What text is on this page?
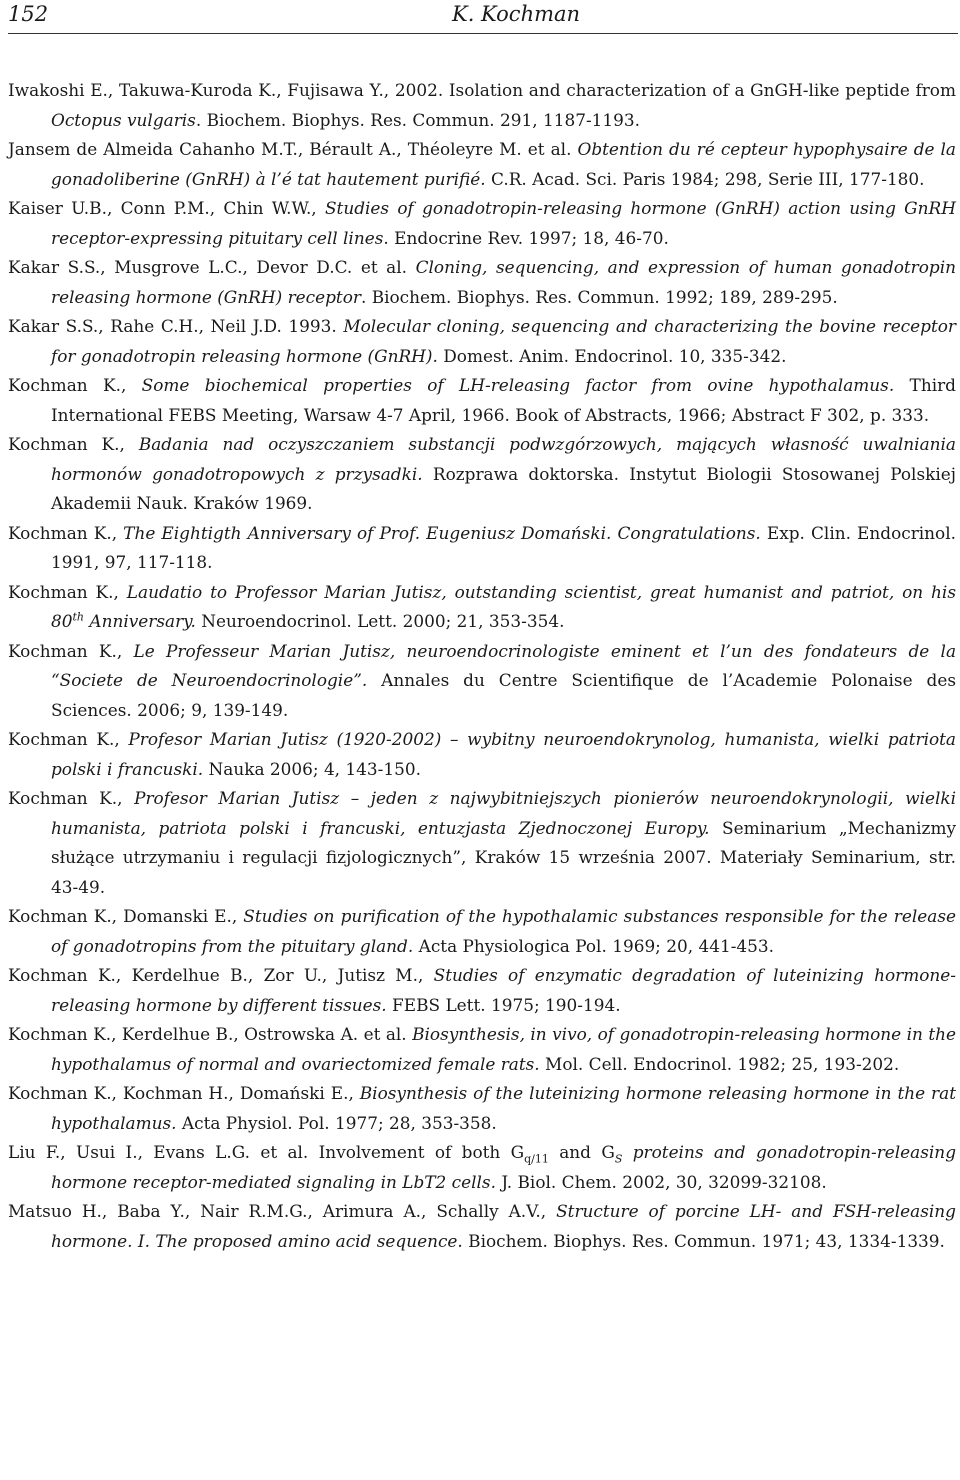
152	K. Kochman

Iwakoshi E., Takuwa-Kuroda K., Fujisawa Y., 2002. Isolation and characterization of a GnGH-like peptide from Octopus vulgaris. Biochem. Biophys. Res. Commun. 291, 1187-1193.

Jansem de Almeida Cahanho M.T., Bérault A., Théoleyre M. et al. Obtention du ré cepteur hypophysaire de la gonadoliberine (GnRH) à l’é tat hautement purifié. C.R. Acad. Sci. Paris 1984; 298, Serie III, 177-180.

Kaiser U.B., Conn P.M., Chin W.W., Studies of gonadotropin-releasing hormone (GnRH) action using GnRH receptor-expressing pituitary cell lines. Endocrine Rev. 1997; 18, 46-70.

Kakar S.S., Musgrove L.C., Devor D.C. et al. Cloning, sequencing, and expression of human gonadotropin releasing hormone (GnRH) receptor. Biochem. Biophys. Res. Commun. 1992; 189, 289-295.

Kakar S.S., Rahe C.H., Neil J.D. 1993. Molecular cloning, sequencing and characterizing the bovine receptor for gonadotropin releasing hormone (GnRH). Domest. Anim. Endocrinol. 10, 335-342.

Kochman K., Some biochemical properties of LH-releasing factor from ovine hypothalamus. Third International FEBS Meeting, Warsaw 4-7 April, 1966. Book of Abstracts, 1966; Abstract F 302, p. 333.

Kochman K., Badania nad oczyszczaniem substancji podwzgórzowych, mających własność uwalniania hormonów gonadotropowych z przysadki. Rozprawa doktorska. Instytut Biologii Stosowanej Polskiej Akademii Nauk. Kraków 1969.

Kochman K., The Eightigth Anniversary of Prof. Eugeniusz Domański. Congratulations. Exp. Clin. Endocrinol. 1991, 97, 117-118.

Kochman K., Laudatio to Professor Marian Jutisz, outstanding scientist, great humanist and patriot, on his 80th Anniversary. Neuroendocrinol. Lett. 2000; 21, 353-354.

Kochman K., Le Professeur Marian Jutisz, neuroendocrinologiste eminent et l’un des fondateurs de la “Societe de Neuroendocrinologie”. Annales du Centre Scientifique de l’Academie Polonaise des Sciences. 2006; 9, 139-149.

Kochman K., Profesor Marian Jutisz (1920-2002) – wybitny neuroendokrynolog, humanista, wielki patriota polski i francuski. Nauka 2006; 4, 143-150.

Kochman K., Profesor Marian Jutisz – jeden z najwybitniejszych pionierów neuroendokrynologii, wielki humanista, patriota polski i francuski, entuzjasta Zjednoczonej Europy. Seminarium „Mechanizmy służące utrzymaniu i regulacji fizjologicznych”, Kraków 15 września 2007. Materiały Seminarium, str. 43-49.

Kochman K., Domanski E., Studies on purification of the hypothalamic substances responsible for the release of gonadotropins from the pituitary gland. Acta Physiologica Pol. 1969; 20, 441-453.

Kochman K., Kerdelhue B., Zor U., Jutisz M., Studies of enzymatic degradation of luteinizing hormone-releasing hormone by different tissues. FEBS Lett. 1975; 190-194.

Kochman K., Kerdelhue B., Ostrowska A. et al. Biosynthesis, in vivo, of gonadotropin-releasing hormone in the hypothalamus of normal and ovariectomized female rats. Mol. Cell. Endocrinol. 1982; 25, 193-202.

Kochman K., Kochman H., Domański E., Biosynthesis of the luteinizing hormone releasing hormone in the rat hypothalamus. Acta Physiol. Pol. 1977; 28, 353-358.

Liu F., Usui I., Evans L.G. et al. Involvement of both $G_{q/11}$ and $G_S$ proteins and gonadotropin-releasing hormone receptor-mediated signaling in LbT2 cells. J. Biol. Chem. 2002, 30, 32099-32108.

Matsuo H., Baba Y., Nair R.M.G., Arimura A., Schally A.V., Structure of porcine LH- and FSH-releasing hormone. I. The proposed amino acid sequence. Biochem. Biophys. Res. Commun. 1971; 43, 1334-1339.
